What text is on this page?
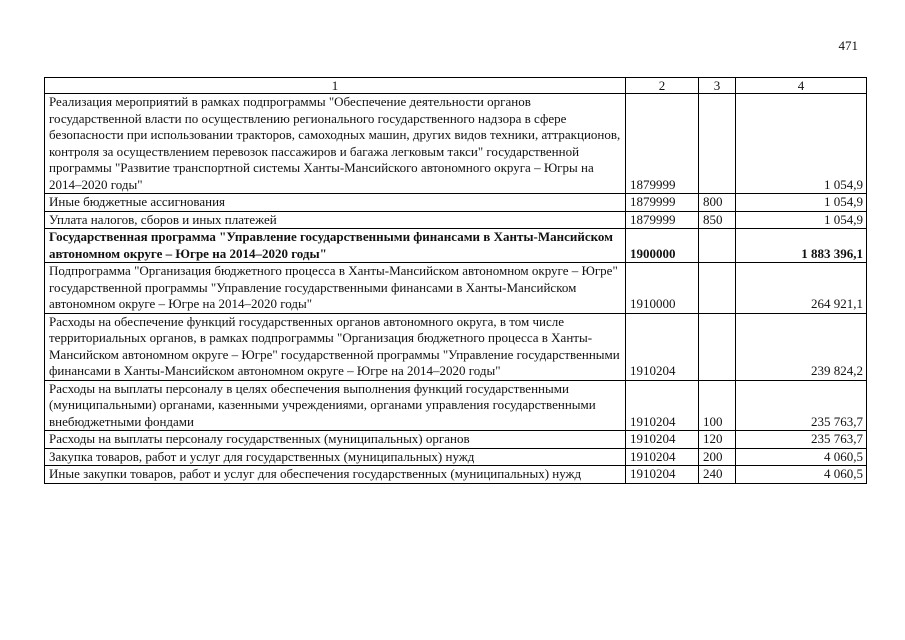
471
1	2	3	4
Реализация мероприятий в рамках подпрограммы "Обеспечение деятельности органов государственной власти по осуществлению регионального государственного надзора в сфере безопасности при использовании тракторов, самоходных машин, других видов техники, аттракционов, контроля за осуществлением перевозок пассажиров и багажа легковым такси" государственной программы "Развитие транспортной системы Ханты-Мансийского автономного округа – Югры на 2014–2020 годы"	1879999		1 054,9
Иные бюджетные ассигнования	1879999	800	1 054,9
Уплата налогов, сборов и иных платежей	1879999	850	1 054,9
Государственная программа "Управление государственными финансами в Ханты-Мансийском автономном округе – Югре на 2014–2020 годы"	1900000		1 883 396,1
Подпрограмма "Организация бюджетного процесса в Ханты-Мансийском автономном округе – Югре" государственной программы "Управление государственными финансами в Ханты-Мансийском автономном округе – Югре на 2014–2020 годы"	1910000		264 921,1
Расходы на обеспечение функций государственных органов автономного округа, в том числе территориальных органов, в рамках подпрограммы "Организация бюджетного процесса в Ханты-Мансийском автономном округе – Югре" государственной программы "Управление государственными финансами в Ханты-Мансийском автономном округе – Югре на 2014–2020 годы"	1910204		239 824,2
Расходы на выплаты персоналу в целях обеспечения выполнения функций государственными (муниципальными) органами, казенными учреждениями, органами управления государственными внебюджетными фондами	1910204	100	235 763,7
Расходы на выплаты персоналу государственных (муниципальных) органов	1910204	120	235 763,7
Закупка товаров, работ и услуг для государственных (муниципальных) нужд	1910204	200	4 060,5
Иные закупки товаров, работ и услуг для обеспечения государственных (муниципальных) нужд	1910204	240	4 060,5
